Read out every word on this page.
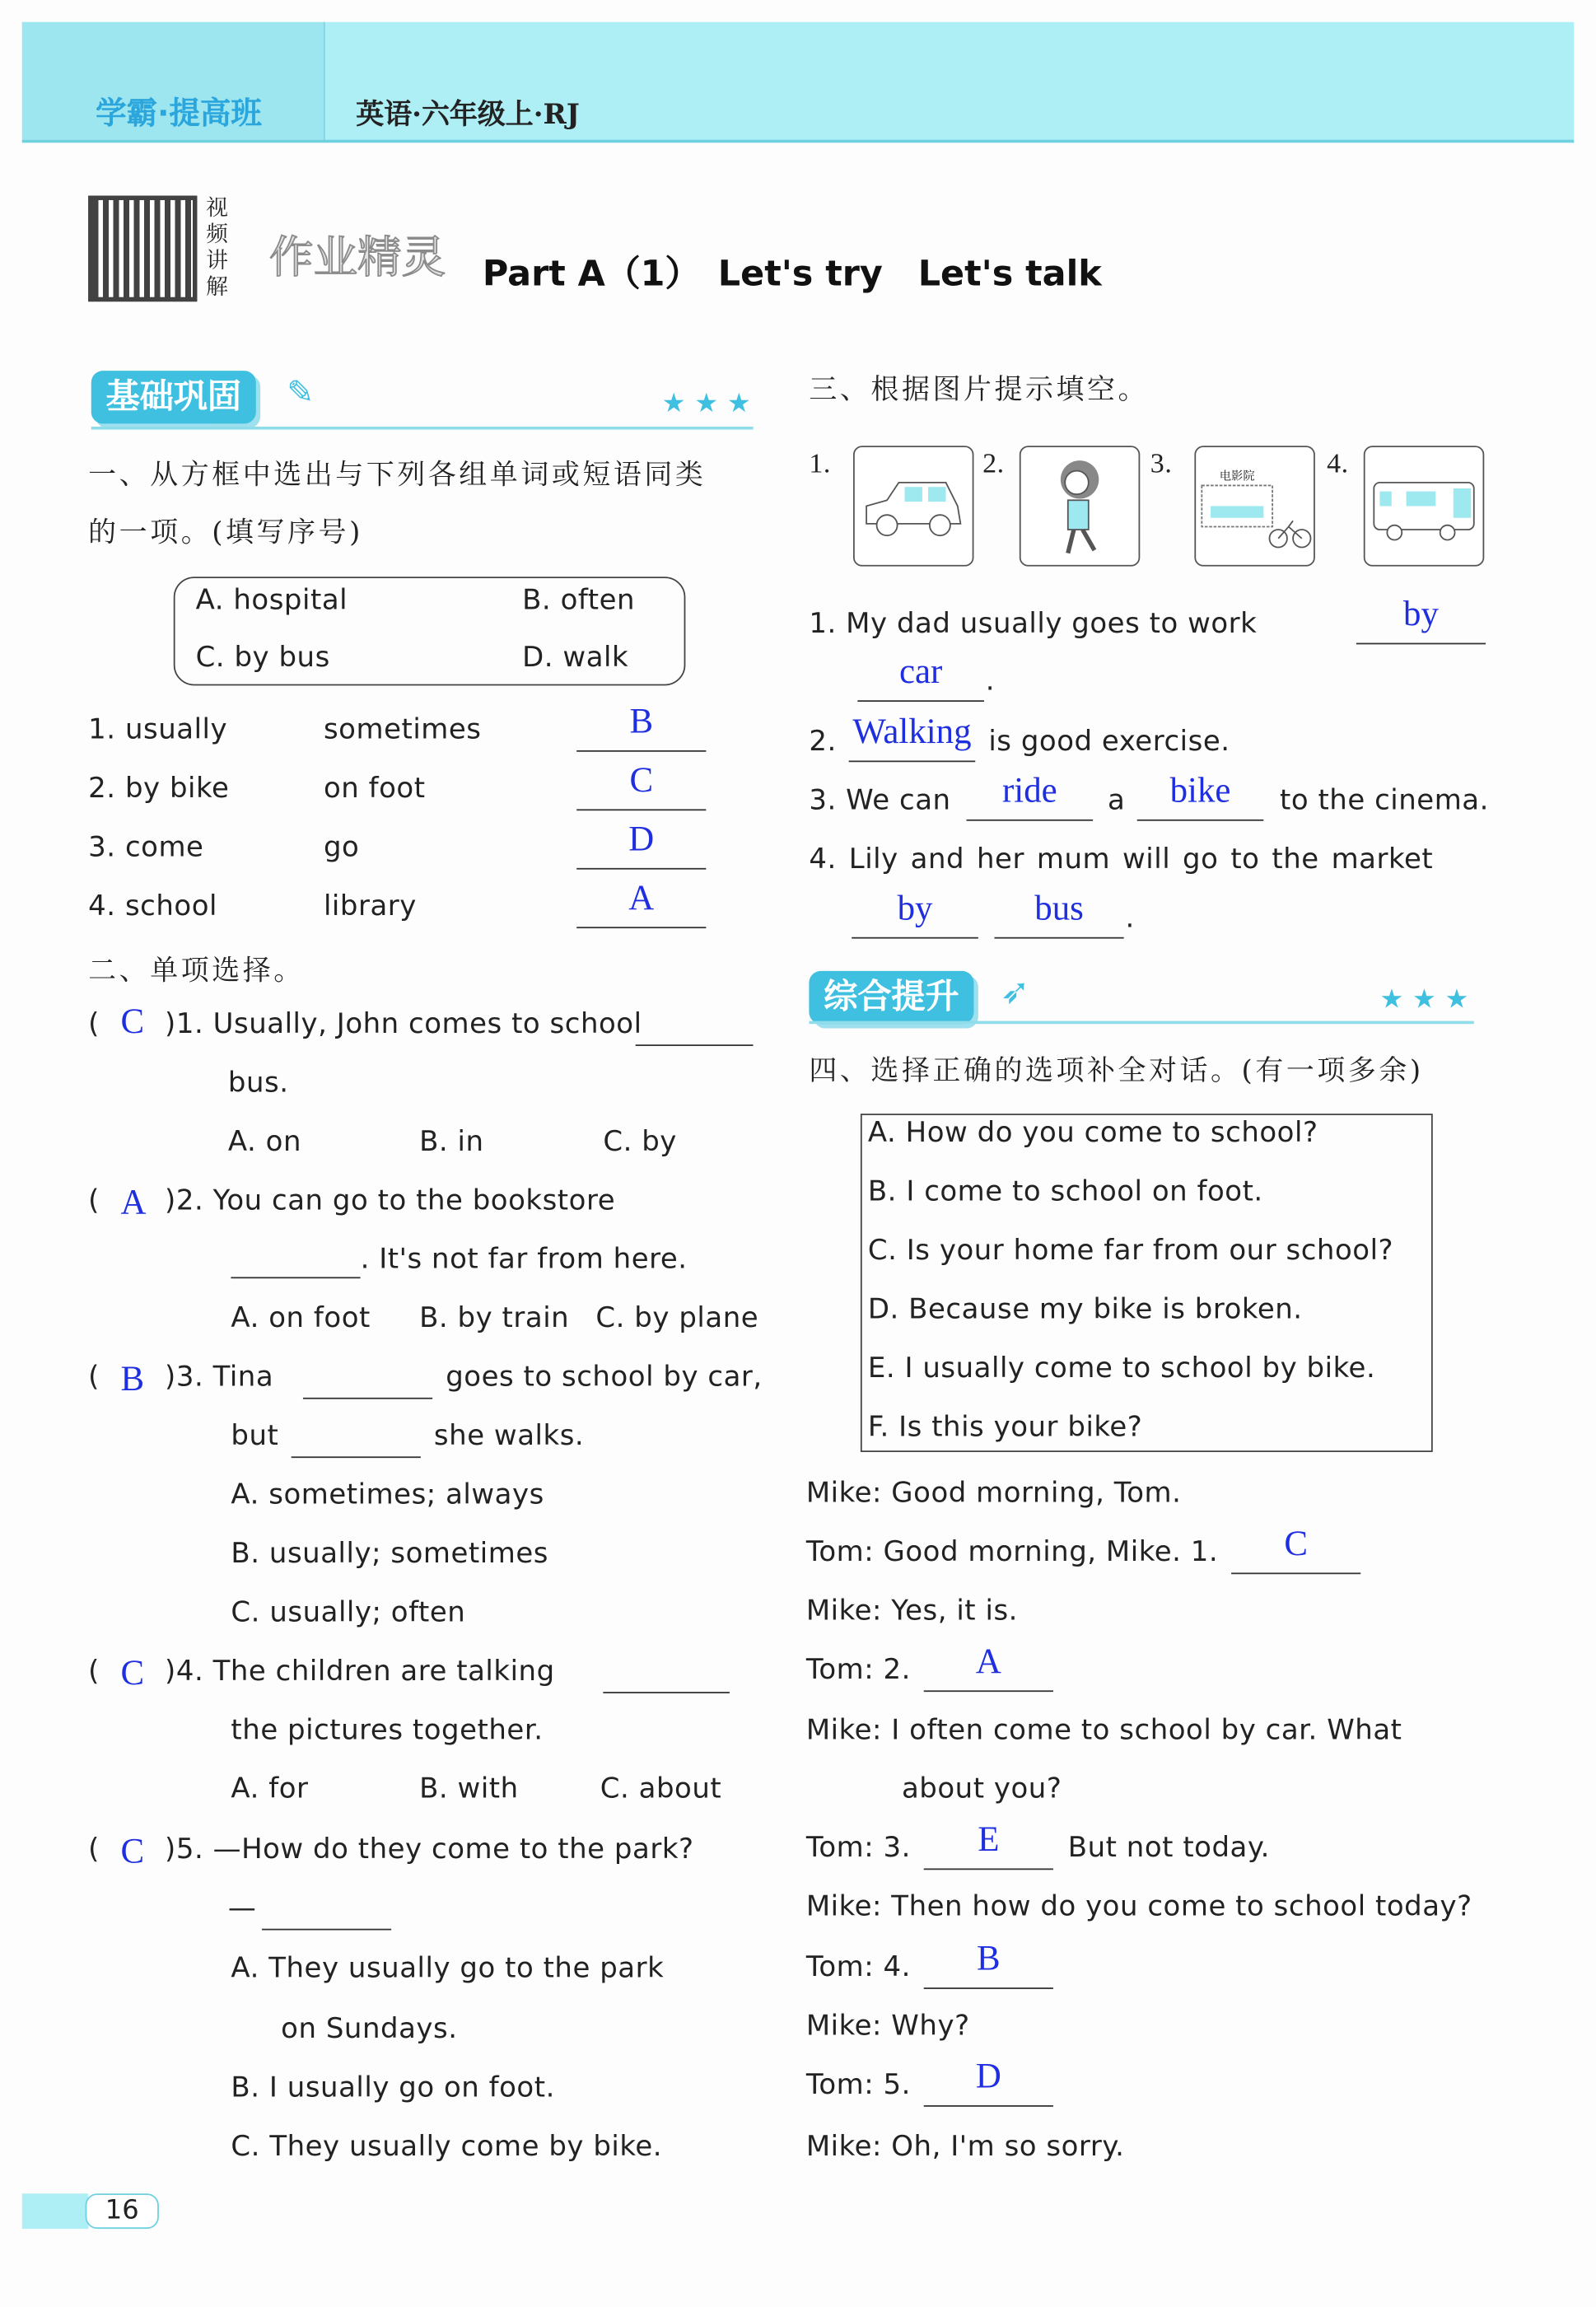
学霸·提高班	英语·六年级上·RJ
视频讲解
作业精灵 Part A（1）　Let's try　Let's talk
基础巩固	✎	★★★
一、从方框中选出与下列各组单词或短语同类
的一项。(填写序号)
A. hospital	B. often
C. by bus	D. walk
1. usually	sometimes	B
2. by bike	on foot	C
3. come	go	D
4. school	library	A
二、单项选择。
( C )1. Usually, John comes to school
bus.
A. on	B. in	C. by
( A )2. You can go to the bookstore
. It's not far from here.
A. on foot	B. by train C. by plane
( B )3. Tina	goes to school by car,
but	she walks.
A. sometimes; always
B. usually; sometimes
C. usually; often
( C )4. The children are talking
the pictures together.
A. for	B. with	C. about
( C )5. —How do they come to the park?
—
A. They usually go to the park
on Sundays.
B. I usually go on foot.
C. They usually come by bike.
三、根据图片提示填空。
1.	2.	3.	电影院	4.
1. My dad usually goes to work	by
car	.
2. Walking	is good exercise.
3. We can	ride	a	bike	to the cinema.
4. Lily and her mum will go to the market
by	bus	.
综合提升	➶	★★★
四、选择正确的选项补全对话。(有一项多余)
A. How do you come to school?
B. I come to school on foot.
C. Is your home far from our school?
D. Because my bike is broken.
E. I usually come to school by bike.
F. Is this your bike?
Mike: Good morning, Tom.
Tom: Good morning, Mike. 1.	C
Mike: Yes, it is.
Tom: 2.	A
Mike: I often come to school by car. What
about you?
Tom: 3.	E	But not today.
Mike: Then how do you come to school today?
Tom: 4.	B
Mike: Why?
Tom: 5.	D
Mike: Oh, I'm so sorry.
16
